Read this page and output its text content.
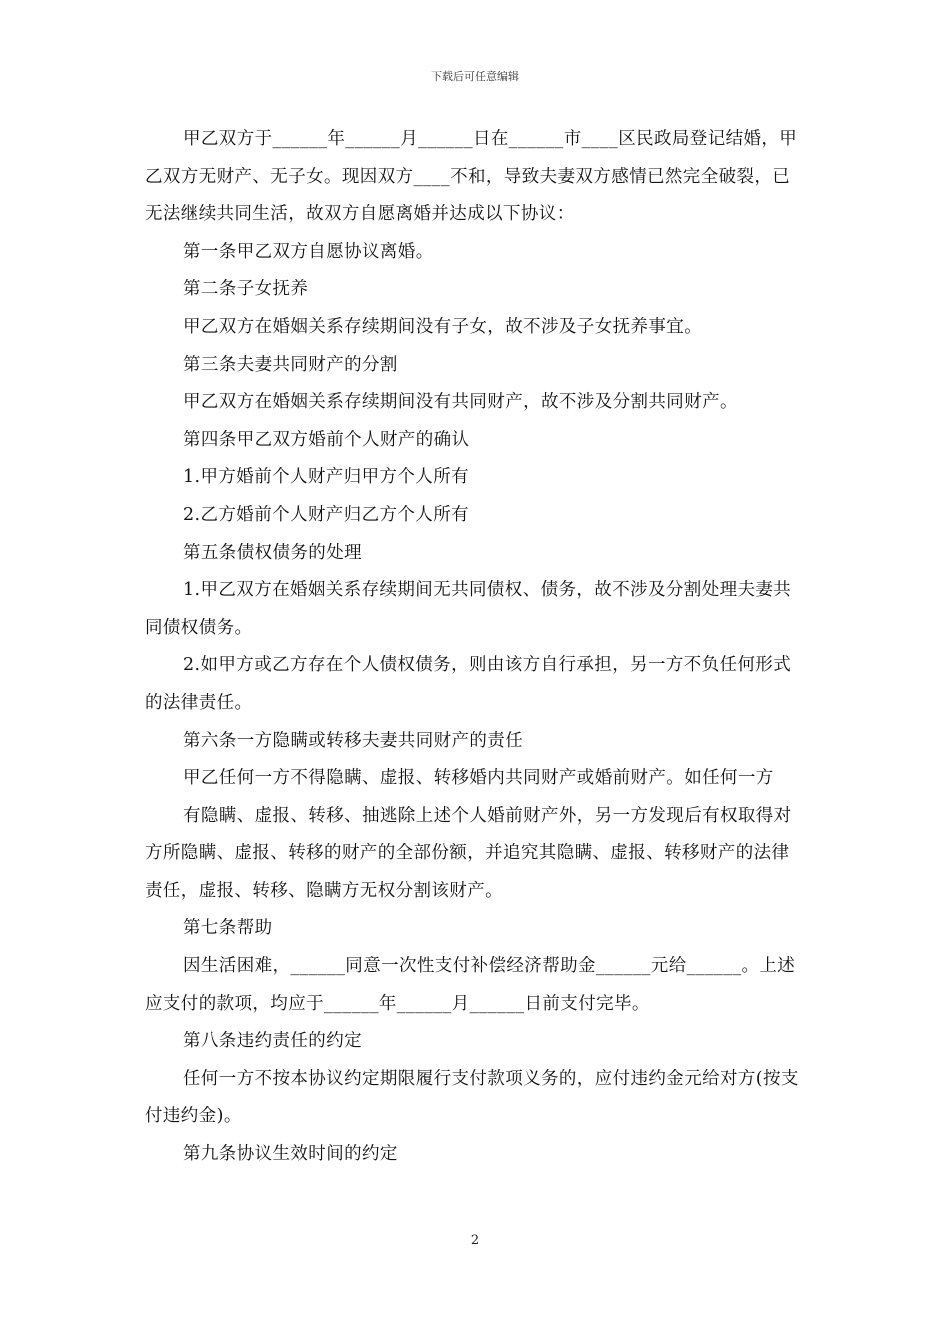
下载后可任意编辑

甲乙双方于______年______月______日在______市____区民政局登记结婚，甲乙双方无财产、无子女。现因双方____不和，导致夫妻双方感情已然完全破裂，已无法继续共同生活，故双方自愿离婚并达成以下协议：

第一条甲乙双方自愿协议离婚。

第二条子女抚养

甲乙双方在婚姻关系存续期间没有子女，故不涉及子女抚养事宜。

第三条夫妻共同财产的分割

甲乙双方在婚姻关系存续期间没有共同财产，故不涉及分割共同财产。

第四条甲乙双方婚前个人财产的确认

1.甲方婚前个人财产归甲方个人所有

2.乙方婚前个人财产归乙方个人所有

第五条债权债务的处理

1.甲乙双方在婚姻关系存续期间无共同债权、债务，故不涉及分割处理夫妻共同债权债务。

2.如甲方或乙方存在个人债权债务，则由该方自行承担，另一方不负任何形式的法律责任。

第六条一方隐瞒或转移夫妻共同财产的责任

甲乙任何一方不得隐瞒、虚报、转移婚内共同财产或婚前财产。如任何一方

有隐瞒、虚报、转移、抽逃除上述个人婚前财产外，另一方发现后有权取得对方所隐瞒、虚报、转移的财产的全部份额，并追究其隐瞒、虚报、转移财产的法律责任，虚报、转移、隐瞒方无权分割该财产。

第七条帮助

因生活困难，______同意一次性支付补偿经济帮助金______元给______。上述应支付的款项，均应于______年______月______日前支付完毕。

第八条违约责任的约定

任何一方不按本协议约定期限履行支付款项义务的，应付违约金元给对方(按支付违约金)。

第九条协议生效时间的约定

2
